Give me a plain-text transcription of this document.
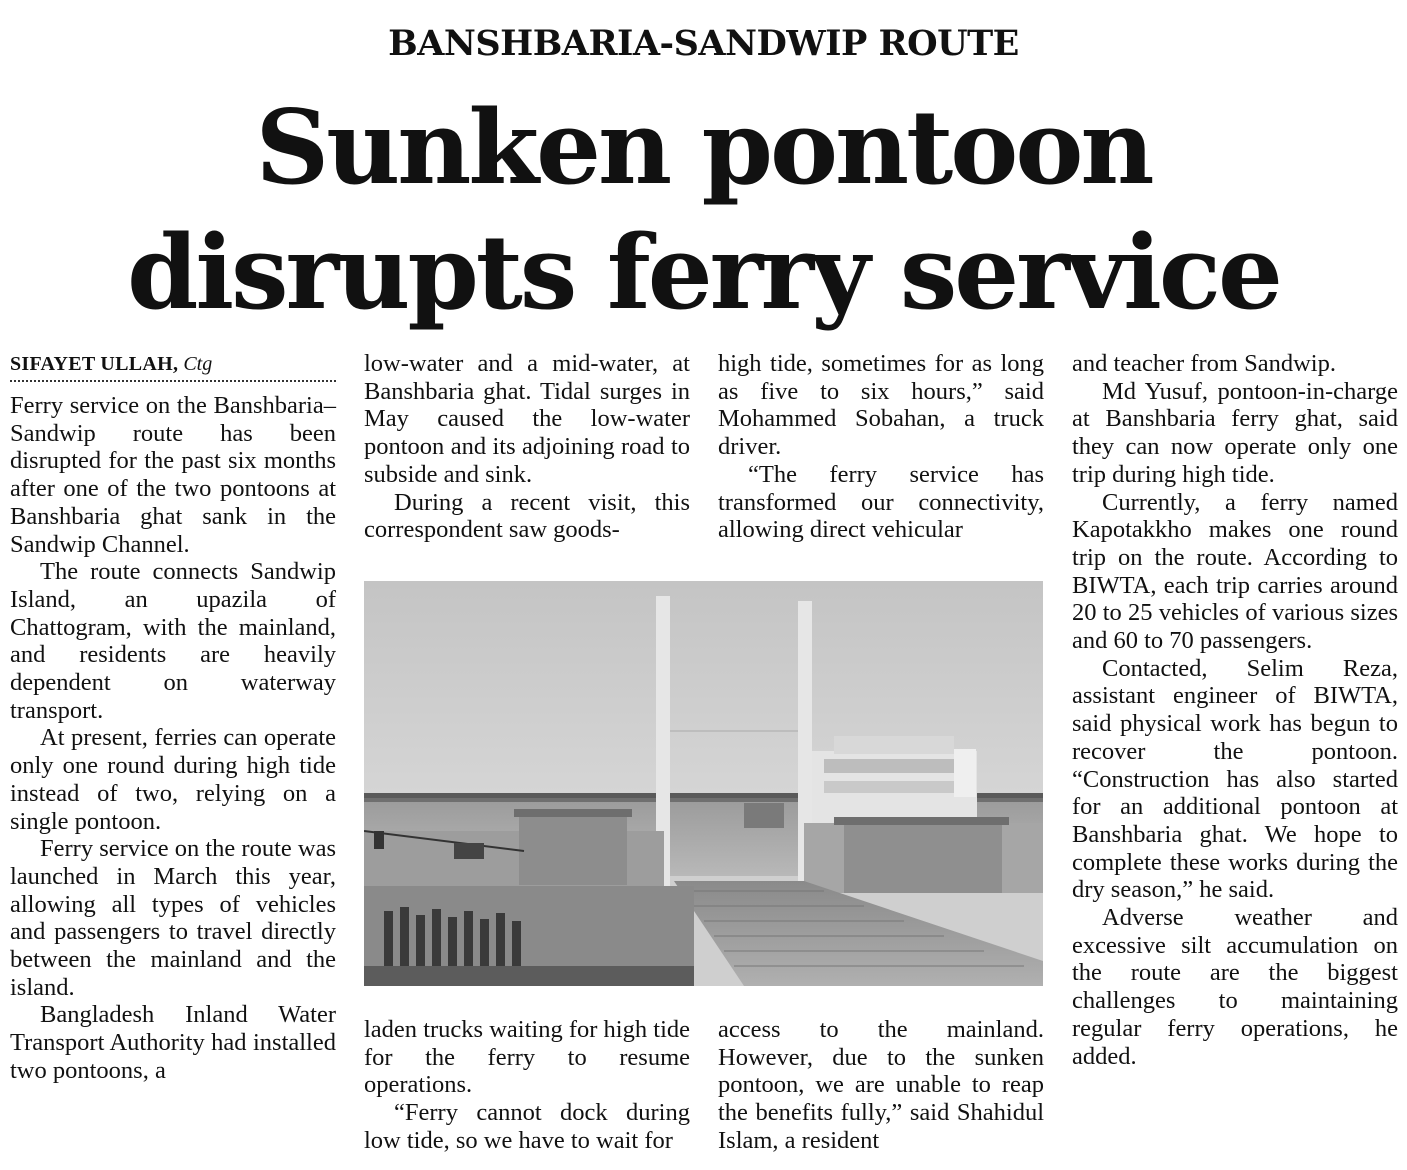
BANSHBARIA-SANDWIP ROUTE
Sunken pontoon
disrupts ferry service
SIFAYET ULLAH, Ctg

Ferry service on the Banshbaria–Sandwip route has been disrupted for the past six months after one of the two pontoons at Banshbaria ghat sank in the Sandwip Channel.

The route connects Sandwip Island, an upazila of Chattogram, with the mainland, and residents are heavily dependent on waterway transport.

At present, ferries can operate only one round during high tide instead of two, relying on a single pontoon.

Ferry service on the route was launched in March this year, allowing all types of vehicles and passengers to travel directly between the mainland and the island.

Bangladesh Inland Water Transport Authority had installed two pontoons, a

low-water and a mid-water, at Banshbaria ghat. Tidal surges in May caused the low-water pontoon and its adjoining road to subside and sink.

During a recent visit, this correspondent saw goods-

high tide, sometimes for as long as five to six hours,” said Mohammed Sobahan, a truck driver.

“The ferry service has transformed our connectivity, allowing direct vehicular

and teacher from Sandwip.

Md Yusuf, pontoon-in-charge at Banshbaria ferry ghat, said they can now operate only one trip during high tide.

Currently, a ferry named Kapotakkho makes one round trip on the route. According to BIWTA, each trip carries around 20 to 25 vehicles of various sizes and 60 to 70 passengers.

Contacted, Selim Reza, assistant engineer of BIWTA, said physical work has begun to recover the pontoon. “Construction has also started for an additional pontoon at Banshbaria ghat. We hope to complete these works during the dry season,” he said.

Adverse weather and excessive silt accumulation on the route are the biggest challenges to maintaining regular ferry operations, he added.

laden trucks waiting for high tide for the ferry to resume operations.

“Ferry cannot dock during low tide, so we have to wait for

access to the mainland. However, due to the sunken pontoon, we are unable to reap the benefits fully,” said Shahidul Islam, a resident
